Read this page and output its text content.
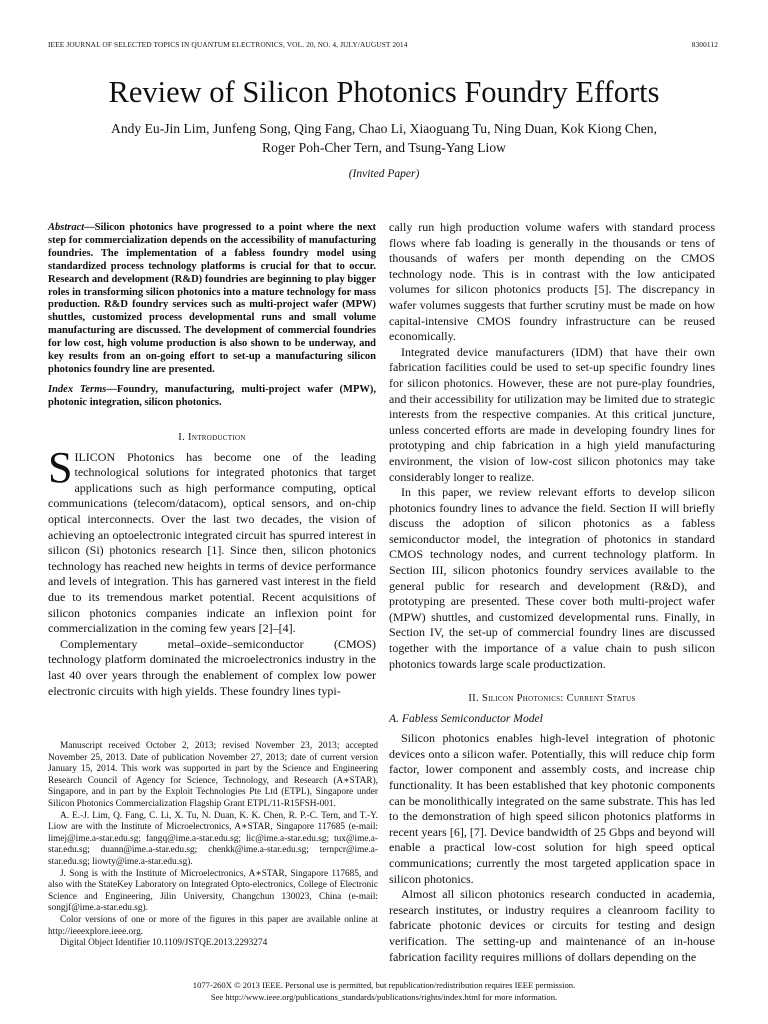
IEEE JOURNAL OF SELECTED TOPICS IN QUANTUM ELECTRONICS, VOL. 20, NO. 4, JULY/AUGUST 2014	8300112
Review of Silicon Photonics Foundry Efforts
Andy Eu-Jin Lim, Junfeng Song, Qing Fang, Chao Li, Xiaoguang Tu, Ning Duan, Kok Kiong Chen,
Roger Poh-Cher Tern, and Tsung-Yang Liow
(Invited Paper)

Abstract—Silicon photonics have progressed to a point where the next step for commercialization depends on the accessibility of manufacturing foundries. The implementation of a fabless foundry model using standardized process technology platforms is crucial for that to occur. Research and development (R&D) foundries are beginning to play bigger roles in transforming silicon photonics into a mature technology for mass production. R&D foundry services such as multi-project wafer (MPW) shuttles, customized process developmental runs and small volume manufacturing are discussed. The development of commercial foundries for low cost, high volume production is also shown to be underway, and key results from an on-going effort to set-up a manufacturing silicon photonics foundry line are presented.

Index Terms—Foundry, manufacturing, multi-project wafer (MPW), photonic integration, silicon photonics.

I. Introduction

SILICON Photonics has become one of the leading technological solutions for integrated photonics that target applications such as high performance computing, optical communications (telecom/datacom), optical sensors, and on-chip optical interconnects. Over the last two decades, the vision of achieving an optoelectronic integrated circuit has spurred interest in silicon (Si) photonics research [1]. Since then, silicon photonics technology has reached new heights in terms of device performance and levels of integration. This has garnered vast interest in the field due to its tremendous market potential. Recent acquisitions of silicon photonics companies indicate an inflexion point for commercialization in the coming few years [2]–[4].

Complementary metal–oxide–semiconductor (CMOS) technology platform dominated the microelectronics industry in the last 40 over years through the enablement of complex low power electronic circuits with high yields. These foundry lines typi-

cally run high production volume wafers with standard process flows where fab loading is generally in the thousands or tens of thousands of wafers per month depending on the CMOS technology node. This is in contrast with the low anticipated volumes for silicon photonics products [5]. The discrepancy in wafer volumes suggests that further scrutiny must be made on how capital-intensive CMOS foundry infrastructure can be reused economically.

Integrated device manufacturers (IDM) that have their own fabrication facilities could be used to set-up specific foundry lines for silicon photonics. However, these are not pure-play foundries, and their accessibility for utilization may be limited due to strategic interests from the respective companies. At this critical juncture, unless concerted efforts are made in developing foundry lines for prototyping and chip fabrication in a high yield manufacturing environment, the vision of low-cost silicon photonics may take considerably longer to realize.

In this paper, we review relevant efforts to develop silicon photonics foundry lines to advance the field. Section II will briefly discuss the adoption of silicon photonics as a fabless semiconductor model, the integration of photonics in standard CMOS technology nodes, and current technology platform. In Section III, silicon photonics foundry services available to the general public for research and development (R&D), and prototyping are presented. These cover both multi-project wafer (MPW) shuttles, and customized developmental runs. Finally, in Section IV, the set-up of commercial foundry lines are discussed together with the importance of a value chain to push silicon photonics towards large scale productization.

II. Silicon Photonics: Current Status
A. Fabless Semiconductor Model

Silicon photonics enables high-level integration of photonic devices onto a silicon wafer. Potentially, this will reduce chip form factor, lower component and assembly costs, and increase chip functionality. It has been established that key photonic components can be monolithically integrated on the same substrate. This has led to the demonstration of high speed silicon photonics platforms in recent years [6], [7]. Device bandwidth of 25 Gbps and beyond will enable a practical low-cost solution for high speed optical communications; currently the most targeted application space in silicon photonics.

Almost all silicon photonics research conducted in academia, research institutes, or industry requires a cleanroom facility to fabricate photonic devices or circuits for testing and design verification. The setting-up and maintenance of an in-house fabrication facility requires millions of dollars depending on the

Manuscript received October 2, 2013; revised November 23, 2013; accepted November 25, 2013. Date of publication November 27, 2013; date of current version January 15, 2014. This work was supported in part by the Science and Engineering Research Council of Agency for Science, Technology, and Research (A∗STAR), Singapore, and in part by the Exploit Technologies Pte Ltd (ETPL), Singapore under Silicon Photonics Commercialization Flagship Grant ETPL/11-R15FSH-001.

A. E.-J. Lim, Q. Fang, C. Li, X. Tu, N. Duan, K. K. Chen, R. P.-C. Tern, and T.-Y. Liow are with the Institute of Microelectronics, A∗STAR, Singapore 117685 (e-mail: limej@ime.a-star.edu.sg; fangq@ime.a-star.edu.sg; lic@ime.a-star.edu.sg; tux@ime.a-star.edu.sg; duann@ime.a-star.edu.sg; chenkk@ime.a-star.edu.sg; ternpcr@ime.a-star.edu.sg; liowty@ime.a-star.edu.sg).

J. Song is with the Institute of Microelectronics, A∗STAR, Singapore 117685, and also with the StateKey Laboratory on Integrated Opto-electronics, College of Electronic Science and Engineering, Jilin University, Changchun 130023, China (e-mail: songjf@ime.a-star.edu.sg).

Color versions of one or more of the figures in this paper are available online at http://ieeexplore.ieee.org.

Digital Object Identifier 10.1109/JSTQE.2013.2293274

1077-260X © 2013 IEEE. Personal use is permitted, but republication/redistribution requires IEEE permission.
See http://www.ieee.org/publications_standards/publications/rights/index.html for more information.
